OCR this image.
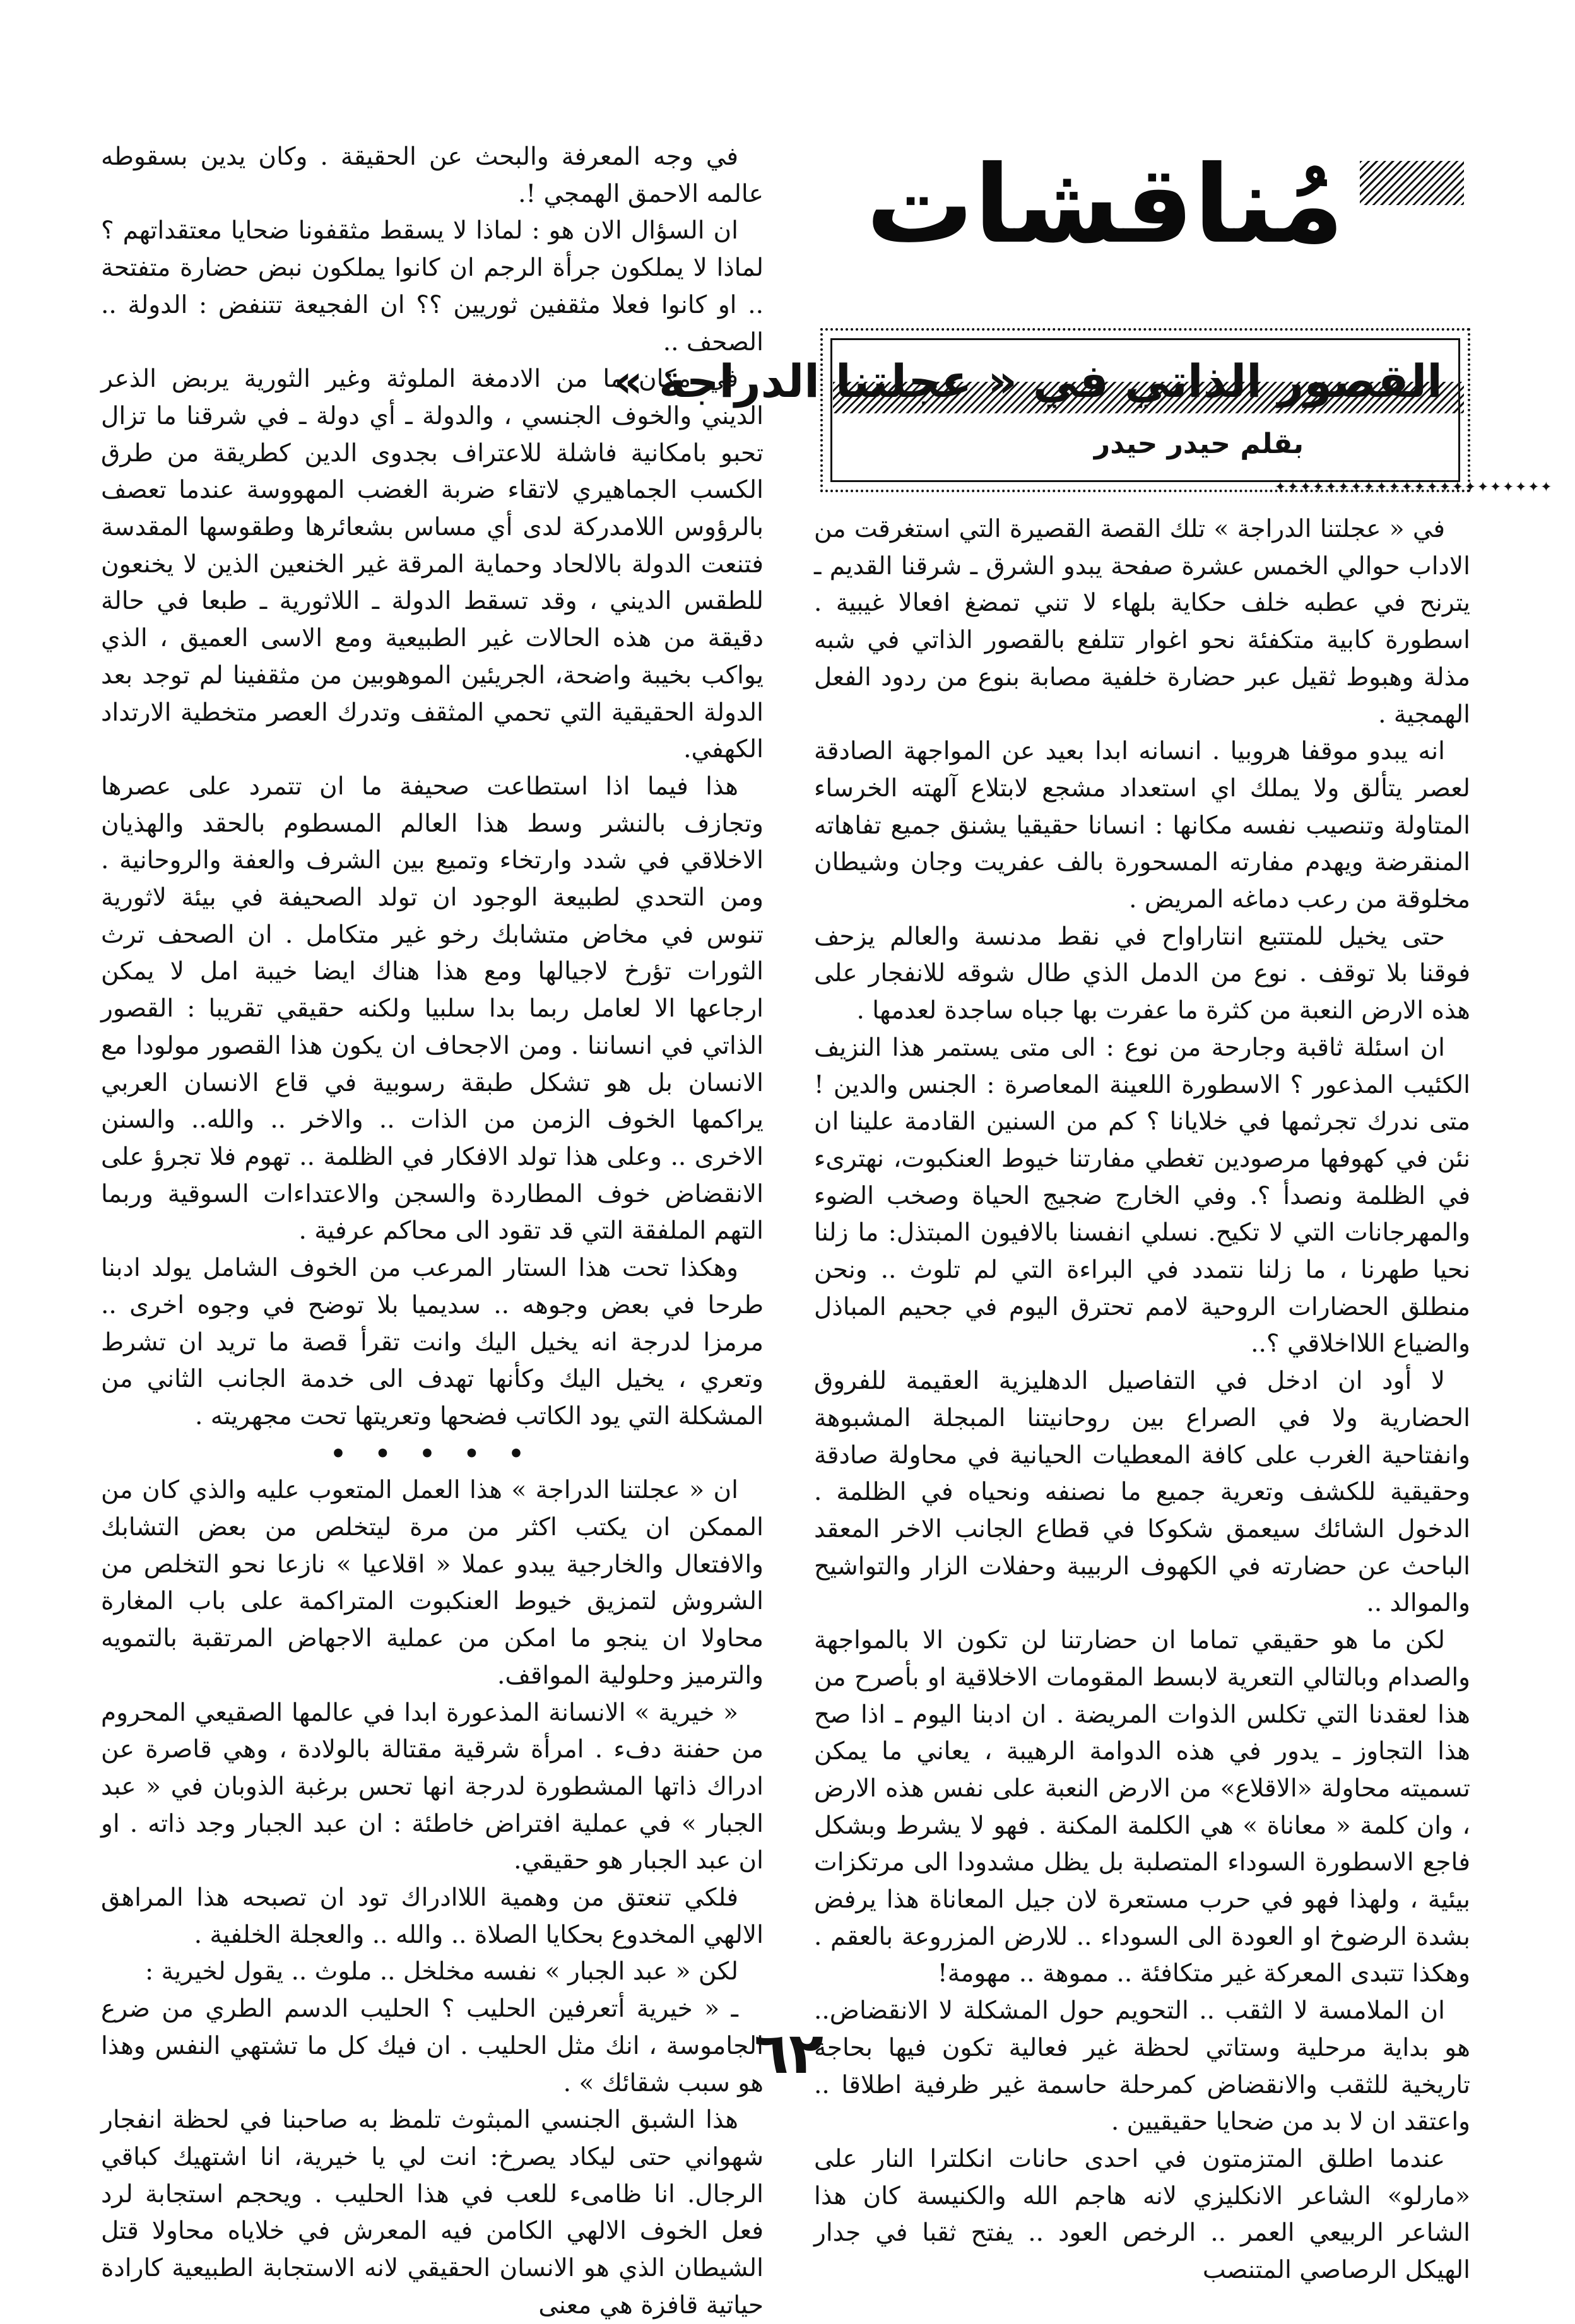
مُناقشات
القصور الذاتي في « عجلتنا الدراجة »
بقلم حيدر حيدر
✦✦✦✦✦✦✦✦✦✦✦✦✦✦✦✦✦✦✦✦✦✦

في « عجلتنا الدراجة » تلك القصة القصيرة التي استغرقت من الاداب حوالي الخمس عشرة صفحة يبدو الشرق ـ شرقنا القديم ـ يترنح في عطبه خلف حكاية بلهاء لا تني تمضغ افعالا غيبية . اسطورة كابية متكفئة نحو اغوار تتلفع بالقصور الذاتي في شبه مذلة وهبوط ثقيل عبر حضارة خلفية مصابة بنوع من ردود الفعل الهمجية .

انه يبدو موقفا هروبيا . انسانه ابدا بعيد عن المواجهة الصادقة لعصر يتألق ولا يملك اي استعداد مشجع لابتلاع آلهته الخرساء المتاولة وتنصيب نفسه مكانها : انسانا حقيقيا يشنق جميع تفاهاته المنقرضة ويهدم مفارته المسحورة بالف عفريت وجان وشيطان مخلوقة من رعب دماغه المريض .

حتى يخيل للمتتبع انتاراواح في نقط مدنسة والعالم يزحف فوقنا بلا توقف . نوع من الدمل الذي طال شوقه للانفجار على هذه الارض النعبة من كثرة ما عفرت بها جباه ساجدة لعدمها .

ان اسئلة ثاقبة وجارحة من نوع : الى متى يستمر هذا النزيف الكئيب المذعور ؟ الاسطورة اللعينة المعاصرة : الجنس والدين ! متى ندرك تجرثمها في خلايانا ؟ كم من السنين القادمة علينا ان نئن في كهوفها مرصودين تغطي مفارتنا خيوط العنكبوت، نهترىء في الظلمة ونصدأ ؟. وفي الخارج ضجيج الحياة وصخب الضوء والمهرجانات التي لا تكيح. نسلي انفسنا بالافيون المبتذل: ما زلنا نحيا طهرنا ، ما زلنا نتمدد في البراءة التي لم تلوث .. ونحن منطلق الحضارات الروحية لامم تحترق اليوم في جحيم المباذل والضياع اللااخلاقي ؟..

لا أود ان ادخل في التفاصيل الدهليزية العقيمة للفروق الحضارية ولا في الصراع بين روحانيتنا المبجلة المشبوهة وانفتاحية الغرب على كافة المعطيات الحيانية في محاولة صادقة وحقيقية للكشف وتعرية جميع ما نصنفه ونحياه في الظلمة . الدخول الشائك سيعمق شكوكا في قطاع الجانب الاخر المعقد الباحث عن حضارته في الكهوف الربيبة وحفلات الزار والتواشيح والموالد ..

لكن ما هو حقيقي تماما ان حضارتنا لن تكون الا بالمواجهة والصدام وبالتالي التعرية لابسط المقومات الاخلاقية او بأصرح من هذا لعقدنا التي تكلس الذوات المريضة . ان ادبنا اليوم ـ اذا صح هذا التجاوز ـ يدور في هذه الدوامة الرهيبة ، يعاني ما يمكن تسميته محاولة «الاقلاع» من الارض النعبة على نفس هذه الارض ، وان كلمة « معاناة » هي الكلمة المكنة . فهو لا يشرط وبشكل فاجع الاسطورة السوداء المتصلبة بل يظل مشدودا الى مرتكزات بيئية ، ولهذا فهو في حرب مستعرة لان جيل المعاناة هذا يرفض بشدة الرضوخ او العودة الى السوداء .. للارض المزروعة بالعقم . وهكذا تتبدى المعركة غير متكافئة .. مموهة .. مهومة!

ان الملامسة لا الثقب .. التحويم حول المشكلة لا الانقضاض.. هو بداية مرحلية وستاتي لحظة غير فعالية تكون فيها بحاجة تاريخية للثقب والانقضاض كمرحلة حاسمة غير ظرفية اطلاقا .. واعتقد ان لا بد من ضحايا حقيقيين .

عندما اطلق المتزمتون في احدى حانات انكلترا النار على «مارلو» الشاعر الانكليزي لانه هاجم الله والكنيسة كان هذا الشاعر الربيعي العمر .. الرخص العود .. يفتح ثقبا في جدار الهيكل الرصاصي المتنصب

في وجه المعرفة والبحث عن الحقيقة . وكان يدين بسقوطه عالمه الاحمق الهمجي !.

ان السؤال الان هو : لماذا لا يسقط مثقفونا ضحايا معتقداتهم ؟ لماذا لا يملكون جرأة الرجم ان كانوا يملكون نبض حضارة متفتحة .. او كانوا فعلا مثقفين ثوريين ؟؟ ان الفجيعة تتنفض : الدولة .. الصحف ..

في مكان ما من الادمغة الملوثة وغير الثورية يربض الذعر الديني والخوف الجنسي ، والدولة ـ أي دولة ـ في شرقنا ما تزال تحبو بامكانية فاشلة للاعتراف بجدوى الدين كطريقة من طرق الكسب الجماهيري لاتقاء ضربة الغضب المهووسة عندما تعصف بالرؤوس اللامدركة لدى أي مساس بشعائرها وطقوسها المقدسة فتنعت الدولة بالالحاد وحماية المرقة غير الخنعين الذين لا يخنعون للطقس الديني ، وقد تسقط الدولة ـ اللاثورية ـ طبعا في حالة دقيقة من هذه الحالات غير الطبيعية ومع الاسى العميق ، الذي يواكب بخيبة واضحة، الجريئين الموهوبين من مثقفينا لم توجد بعد الدولة الحقيقية التي تحمي المثقف وتدرك العصر متخطية الارتداد الكهفي.

هذا فيما اذا استطاعت صحيفة ما ان تتمرد على عصرها وتجازف بالنشر وسط هذا العالم المسطوم بالحقد والهذيان الاخلاقي في شدد وارتخاء وتميع بين الشرف والعفة والروحانية . ومن التحدي لطبيعة الوجود ان تولد الصحيفة في بيئة لاثورية تنوس في مخاض متشابك رخو غير متكامل . ان الصحف ترث الثورات تؤرخ لاجيالها ومع هذا هناك ايضا خيبة امل لا يمكن ارجاعها الا لعامل ربما بدا سلبيا ولكنه حقيقي تقريبا : القصور الذاتي في انساننا . ومن الاجحاف ان يكون هذا القصور مولودا مع الانسان بل هو تشكل طبقة رسوبية في قاع الانسان العربي يراكمها الخوف الزمن من الذات .. والاخر .. والله.. والسنن الاخرى .. وعلى هذا تولد الافكار في الظلمة .. تهوم فلا تجرؤ على الانقضاض خوف المطاردة والسجن والاعتداءات السوقية وربما التهم الملفقة التي قد تقود الى محاكم عرفية .

وهكذا تحت هذا الستار المرعب من الخوف الشامل يولد ادبنا طرحا في بعض وجوهه .. سديميا بلا توضح في وجوه اخرى .. مرمزا لدرجة انه يخيل اليك وانت تقرأ قصة ما تريد ان تشرط وتعري ، يخيل اليك وكأنها تهدف الى خدمة الجانب الثاني من المشكلة التي يود الكاتب فضحها وتعريتها تحت مجهريته .

• • • • •

ان « عجلتنا الدراجة » هذا العمل المتعوب عليه والذي كان من الممكن ان يكتب اكثر من مرة ليتخلص من بعض التشابك والافتعال والخارجية يبدو عملا « اقلاعيا » نازعا نحو التخلص من الشروش لتمزيق خيوط العنكبوت المتراكمة على باب المغارة محاولا ان ينجو ما امكن من عملية الاجهاض المرتقبة بالتمويه والترميز وحلولية المواقف.

« خيرية » الانسانة المذعورة ابدا في عالمها الصقيعي المحروم من حفنة دفء . امرأة شرقية مقتالة بالولادة ، وهي قاصرة عن ادراك ذاتها المشطورة لدرجة انها تحس برغبة الذوبان في « عبد الجبار » في عملية افتراض خاطئة : ان عبد الجبار وجد ذاته . او ان عبد الجبار هو حقيقي.

فلكي تنعتق من وهمية اللاادراك تود ان تصبحه هذا المراهق الالهي المخدوع بحكايا الصلاة .. والله .. والعجلة الخلفية .

لكن « عبد الجبار » نفسه مخلخل .. ملوث .. يقول لخيرية :

ـ « خيرية أتعرفين الحليب ؟ الحليب الدسم الطري من ضرع الجاموسة ، انك مثل الحليب . ان فيك كل ما تشتهي النفس وهذا هو سبب شقائك » .

هذا الشبق الجنسي المبثوث تلمظ به صاحبنا في لحظة انفجار شهواني حتى ليكاد يصرخ: انت لي يا خيرية، انا اشتهيك كباقي الرجال. انا ظامىء للعب في هذا الحليب . ويحجم استجابة لرد فعل الخوف الالهي الكامن فيه المعرش في خلاياه محاولا قتل الشيطان الذي هو الانسان الحقيقي لانه الاستجابة الطبيعية كارادة حياتية قافزة هي معنى

٦٢
